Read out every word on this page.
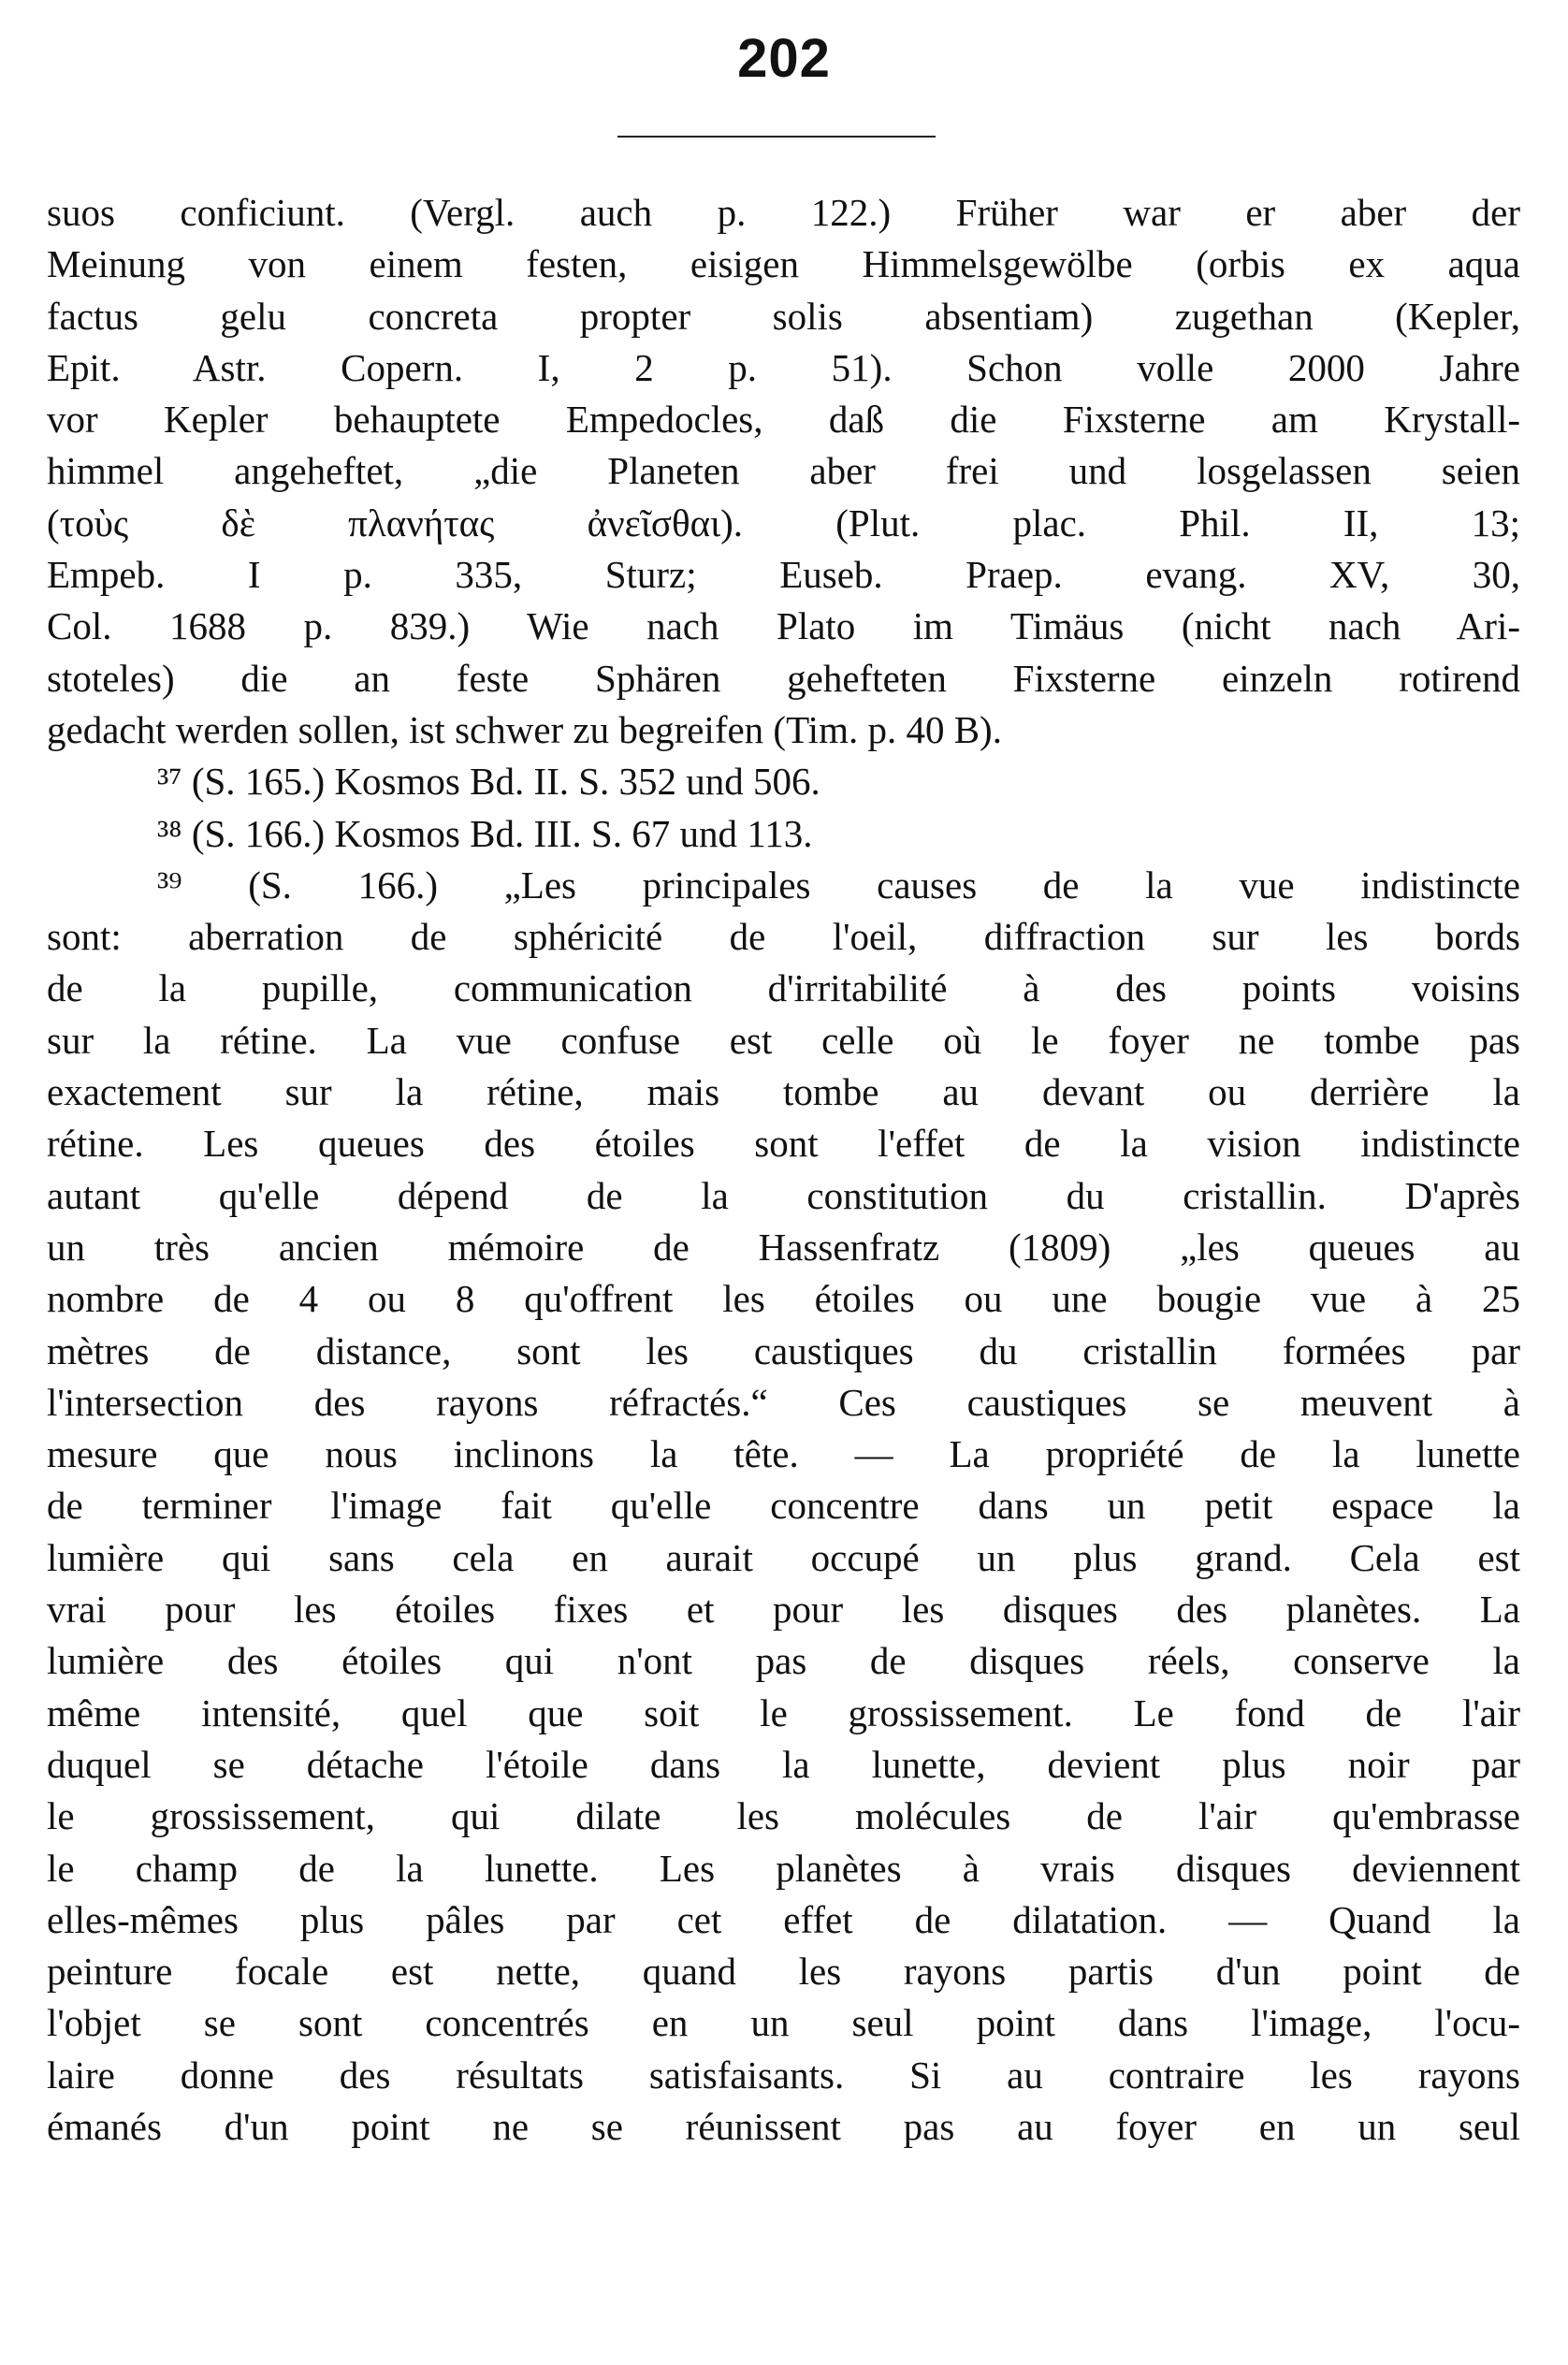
202
suos conficiunt. (Vergl. auch p. 122.) Früher war er aber der
Meinung von einem festen, eisigen Himmelsgewölbe (orbis ex aqua
factus gelu concreta propter solis absentiam) zugethan (Kepler,
Epit. Astr. Copern. I, 2 p. 51). Schon volle 2000 Jahre
vor Kepler behauptete Empedocles, daß die Fixsterne am Krystall-
himmel angeheftet, „die Planeten aber frei und losgelassen seien
(τοὺς δὲ πλανήτας ἀνεῖσθαι). (Plut. plac. Phil. II, 13;
Empeb. I p. 335, Sturz; Euseb. Praep. evang. XV, 30,
Col. 1688 p. 839.) Wie nach Plato im Timäus (nicht nach Ari-
stoteles) die an feste Sphären gehefteten Fixsterne einzeln rotirend
gedacht werden sollen, ist schwer zu begreifen (Tim. p. 40 B).
³⁷ (S. 165.) Kosmos Bd. II. S. 352 und 506.
³⁸ (S. 166.) Kosmos Bd. III. S. 67 und 113.
³⁹ (S. 166.) „Les principales causes de la vue indistincte
sont: aberration de sphéricité de l'oeil, diffraction sur les bords
de la pupille, communication d'irritabilité à des points voisins
sur la rétine. La vue confuse est celle où le foyer ne tombe pas
exactement sur la rétine, mais tombe au devant ou derrière la
rétine. Les queues des étoiles sont l'effet de la vision indistincte
autant qu'elle dépend de la constitution du cristallin. D'après
un très ancien mémoire de Hassenfratz (1809) „les queues au
nombre de 4 ou 8 qu'offrent les étoiles ou une bougie vue à 25
mètres de distance, sont les caustiques du cristallin formées par
l'intersection des rayons réfractés.“ Ces caustiques se meuvent à
mesure que nous inclinons la tête. — La propriété de la lunette
de terminer l'image fait qu'elle concentre dans un petit espace la
lumière qui sans cela en aurait occupé un plus grand. Cela est
vrai pour les étoiles fixes et pour les disques des planètes. La
lumière des étoiles qui n'ont pas de disques réels, conserve la
même intensité, quel que soit le grossissement. Le fond de l'air
duquel se détache l'étoile dans la lunette, devient plus noir par
le grossissement, qui dilate les molécules de l'air qu'embrasse
le champ de la lunette. Les planètes à vrais disques deviennent
elles-mêmes plus pâles par cet effet de dilatation. — Quand la
peinture focale est nette, quand les rayons partis d'un point de
l'objet se sont concentrés en un seul point dans l'image, l'ocu-
laire donne des résultats satisfaisants. Si au contraire les rayons
émanés d'un point ne se réunissent pas au foyer en un seul
